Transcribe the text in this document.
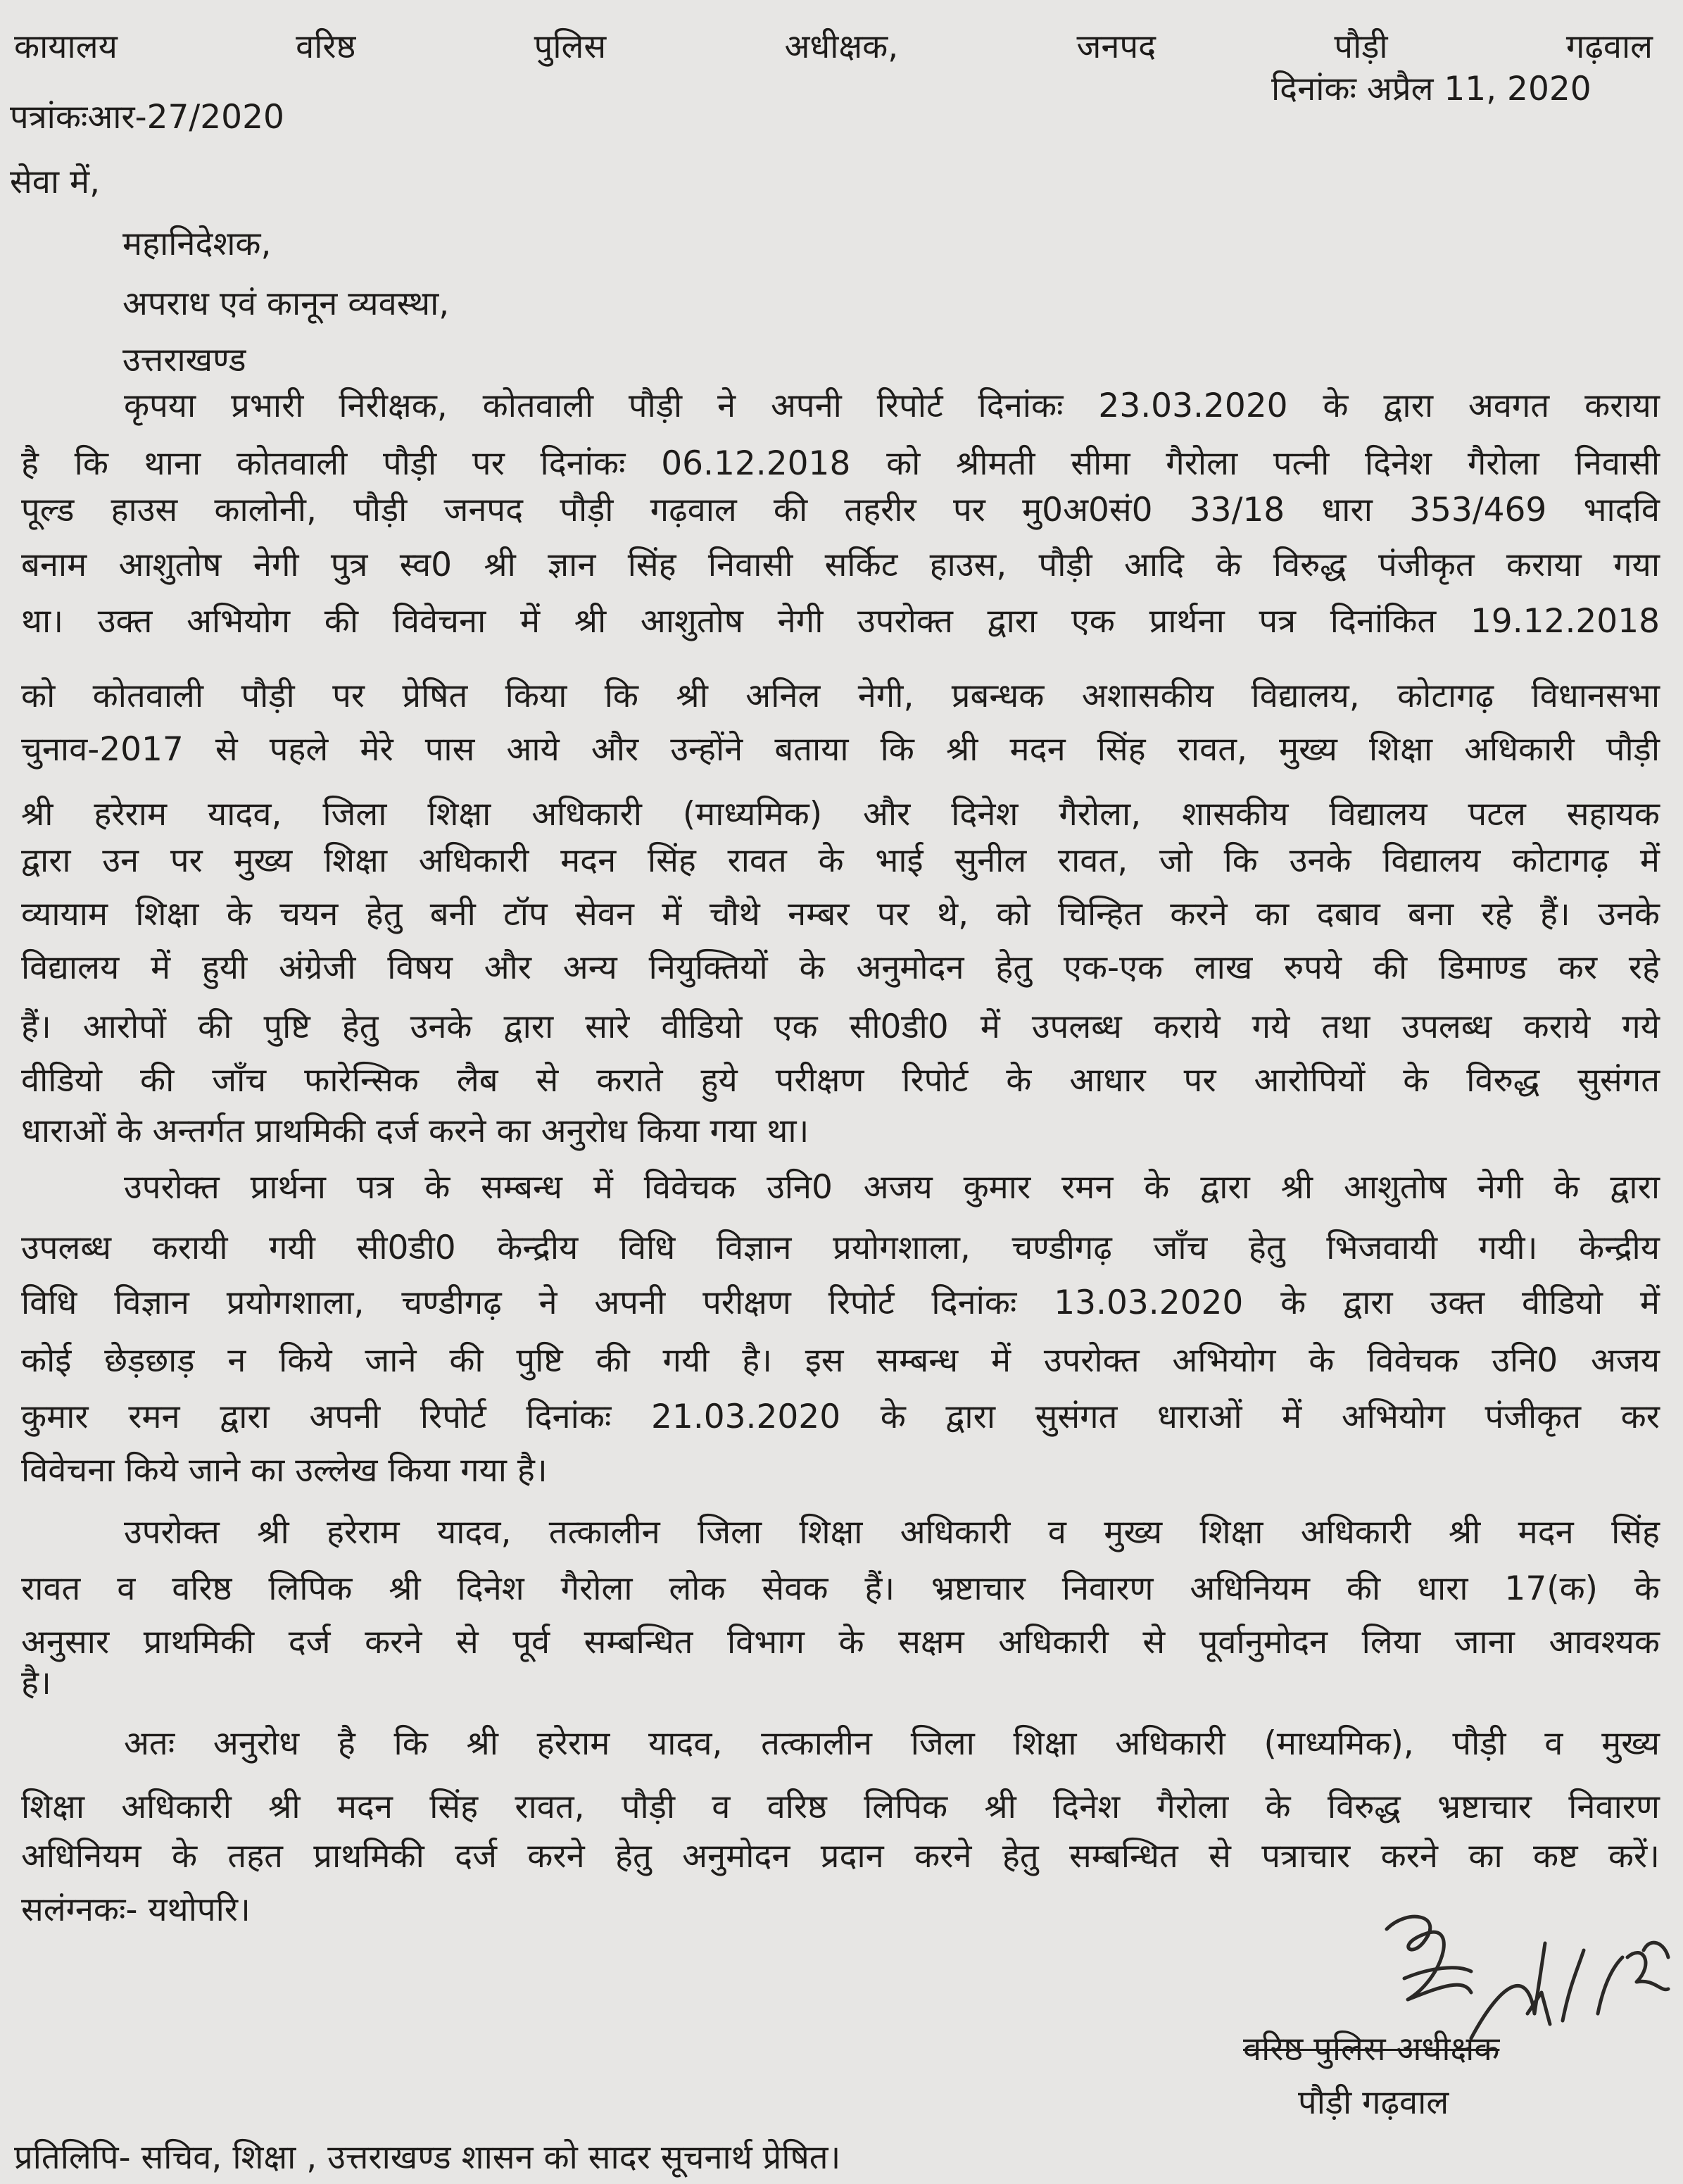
कायालय वरिष्ठ पुलिस अधीक्षक, जनपद पौड़ी गढ़वाल

पत्रांकःआर-27/2020

दिनांकः अप्रैल 11, 2020

सेवा में,

महानिदेशक,

अपराध एवं कानून व्यवस्था,

उत्तराखण्ड

कृपया प्रभारी निरीक्षक, कोतवाली पौड़ी ने अपनी रिपोर्ट दिनांकः 23.03.2020 के द्वारा अवगत कराया

है कि थाना कोतवाली पौड़ी पर दिनांकः 06.12.2018 को श्रीमती सीमा गैरोला पत्नी दिनेश गैरोला निवासी

पूल्ड हाउस कालोनी, पौड़ी जनपद पौड़ी गढ़वाल की तहरीर पर मु0अ0सं0 33/18 धारा 353/469 भादवि

बनाम आशुतोष नेगी पुत्र स्व0 श्री ज्ञान सिंह निवासी सर्किट हाउस, पौड़ी आदि के विरुद्ध पंजीकृत कराया गया

था। उक्त अभियोग की विवेचना में श्री आशुतोष नेगी उपरोक्त द्वारा एक प्रार्थना पत्र दिनांकित 19.12.2018

को कोतवाली पौड़ी पर प्रेषित किया कि श्री अनिल नेगी, प्रबन्धक अशासकीय विद्यालय, कोटागढ़ विधानसभा

चुनाव-2017 से पहले मेरे पास आये और उन्होंने बताया कि श्री मदन सिंह रावत, मुख्य शिक्षा अधिकारी पौड़ी

श्री हरेराम यादव, जिला शिक्षा अधिकारी (माध्यमिक) और दिनेश गैरोला, शासकीय विद्यालय पटल सहायक

द्वारा उन पर मुख्य शिक्षा अधिकारी मदन सिंह रावत के भाई सुनील रावत, जो कि उनके विद्यालय कोटागढ़ में

व्यायाम शिक्षा के चयन हेतु बनी टॉप सेवन में चौथे नम्बर पर थे, को चिन्हित करने का दबाव बना रहे हैं। उनके

विद्यालय में हुयी अंग्रेजी विषय और अन्य नियुक्तियों के अनुमोदन हेतु एक-एक लाख रुपये की डिमाण्ड कर रहे

हैं। आरोपों की पुष्टि हेतु उनके द्वारा सारे वीडियो एक सी0डी0 में उपलब्ध कराये गये तथा उपलब्ध कराये गये

वीडियो की जाँच फारेन्सिक लैब से कराते हुये परीक्षण रिपोर्ट के आधार पर आरोपियों के विरुद्ध सुसंगत

धाराओं के अन्तर्गत प्राथमिकी दर्ज करने का अनुरोध किया गया था।

उपरोक्त प्रार्थना पत्र के सम्बन्ध में विवेचक उनि0 अजय कुमार रमन के द्वारा श्री आशुतोष नेगी के द्वारा

उपलब्ध करायी गयी सी0डी0 केन्द्रीय विधि विज्ञान प्रयोगशाला, चण्डीगढ़ जाँच हेतु भिजवायी गयी। केन्द्रीय

विधि विज्ञान प्रयोगशाला, चण्डीगढ़ ने अपनी परीक्षण रिपोर्ट दिनांकः 13.03.2020 के द्वारा उक्त वीडियो में

कोई छेड़छाड़ न किये जाने की पुष्टि की गयी है। इस सम्बन्ध में उपरोक्त अभियोग के विवेचक उनि0 अजय

कुमार रमन द्वारा अपनी रिपोर्ट दिनांकः 21.03.2020 के द्वारा सुसंगत धाराओं में अभियोग पंजीकृत कर

विवेचना किये जाने का उल्लेख किया गया है।

उपरोक्त श्री हरेराम यादव, तत्कालीन जिला शिक्षा अधिकारी व मुख्य शिक्षा अधिकारी श्री मदन सिंह

रावत व वरिष्ठ लिपिक श्री दिनेश गैरोला लोक सेवक हैं। भ्रष्टाचार निवारण अधिनियम की धारा 17(क) के

अनुसार प्राथमिकी दर्ज करने से पूर्व सम्बन्धित विभाग के सक्षम अधिकारी से पूर्वानुमोदन लिया जाना आवश्यक

है।

अतः अनुरोध है कि श्री हरेराम यादव, तत्कालीन जिला शिक्षा अधिकारी (माध्यमिक), पौड़ी व मुख्य

शिक्षा अधिकारी श्री मदन सिंह रावत, पौड़ी व वरिष्ठ लिपिक श्री दिनेश गैरोला के विरुद्ध भ्रष्टाचार निवारण

अधिनियम के तहत प्राथमिकी दर्ज करने हेतु अनुमोदन प्रदान करने हेतु सम्बन्धित से पत्राचार करने का कष्ट करें।

सलंग्नकः- यथोपरि।

वरिष्ठ पुलिस अधीक्षक

पौड़ी गढ़वाल

प्रतिलिपि- सचिव, शिक्षा , उत्तराखण्ड शासन को सादर सूचनार्थ प्रेषित।
